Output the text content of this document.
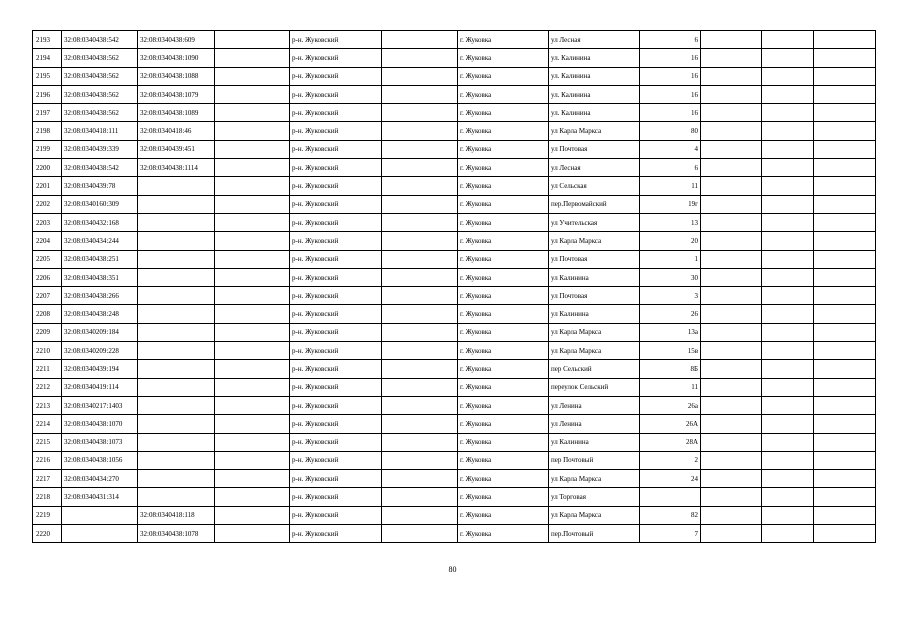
2193	32:08:0340438:542	32:08:0340438:609		р-н. Жуковский		г. Жуковка	ул Лесная	6			
2194	32:08:0340438:562	32:08:0340438:1090		р-н. Жуковский		г. Жуковка	ул. Калинина	16			
2195	32:08:0340438:562	32:08:0340438:1088		р-н. Жуковский		г. Жуковка	ул. Калинина	16			
2196	32:08:0340438:562	32:08:0340438:1079		р-н. Жуковский		г. Жуковка	ул. Калинина	16			
2197	32:08:0340438:562	32:08:0340438:1089		р-н. Жуковский		г. Жуковка	ул. Калинина	16			
2198	32:08:0340418:111	32:08:0340418:46		р-н. Жуковский		г. Жуковка	ул Карла Маркса	80			
2199	32:08:0340439:339	32:08:0340439:451		р-н. Жуковский		г. Жуковка	ул Почтовая	4			
2200	32:08:0340438:542	32:08:0340438:1114		р-н. Жуковский		г. Жуковка	ул Лесная	6			
2201	32:08:0340439:78			р-н. Жуковский		г. Жуковка	ул Сельская	11			
2202	32:08:0340160:309			р-н. Жуковский		г. Жуковка	пер.Первомайский	19г			
2203	32:08:0340432:168			р-н. Жуковский		г. Жуковка	ул Учительская	13			
2204	32:08:0340434:244			р-н. Жуковский		г. Жуковка	ул Карла Маркса	20			
2205	32:08:0340438:251			р-н. Жуковский		г. Жуковка	ул Почтовая	1			
2206	32:08:0340438:351			р-н. Жуковский		г. Жуковка	ул Калинина	30			
2207	32:08:0340438:266			р-н. Жуковский		г. Жуковка	ул Почтовая	3			
2208	32:08:0340438:248			р-н. Жуковский		г. Жуковка	ул Калинина	26			
2209	32:08:0340209:184			р-н. Жуковский		г. Жуковка	ул Карла Маркса	13а			
2210	32:08:0340209:228			р-н. Жуковский		г. Жуковка	ул Карла Маркса	15в			
2211	32:08:0340439:194			р-н. Жуковский		г. Жуковка	пер Сельский	8Б			
2212	32:08:0340419:114			р-н. Жуковский		г. Жуковка	переулок Сельский	11			
2213	32:08:0340217:1403			р-н. Жуковский		г. Жуковка	ул Ленина	26а			
2214	32:08:0340438:1070			р-н. Жуковский		г. Жуковка	ул Ленина	26А			
2215	32:08:0340438:1073			р-н. Жуковский		г. Жуковка	ул Калинина	28А			
2216	32:08:0340438:1056			р-н. Жуковский		г. Жуковка	пер Почтовый	2			
2217	32:08:0340434:270			р-н. Жуковский		г. Жуковка	ул Карла Маркса	24			
2218	32:08:0340431:314			р-н. Жуковский		г. Жуковка	ул Торговая				
2219		32:08:0340418:118		р-н. Жуковский		г. Жуковка	ул Карла Маркса	82			
2220		32:08:0340438:1078		р-н. Жуковский		г. Жуковка	пер.Почтовый	7			
80
